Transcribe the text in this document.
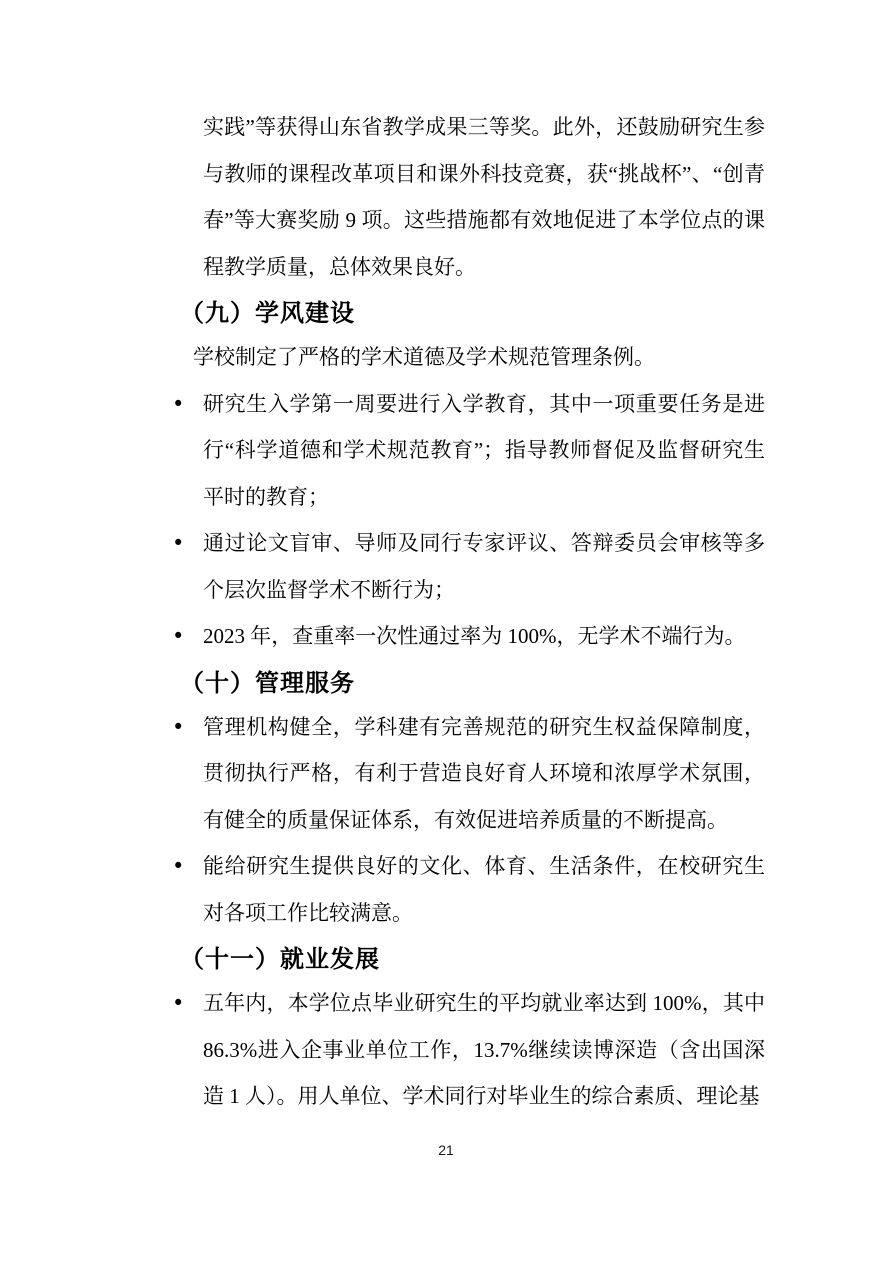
实践”等获得山东省教学成果三等奖。此外，还鼓励研究生参与教师的课程改革项目和课外科技竞赛，获“挑战杯”、“创青春”等大赛奖励 9 项。这些措施都有效地促进了本学位点的课程教学质量，总体效果良好。

（九）学风建设

学校制定了严格的学术道德及学术规范管理条例。

• 研究生入学第一周要进行入学教育，其中一项重要任务是进行“科学道德和学术规范教育”；指导教师督促及监督研究生平时的教育；
• 通过论文盲审、导师及同行专家评议、答辩委员会审核等多个层次监督学术不断行为；
• 2023 年，查重率一次性通过率为 100%，无学术不端行为。
（十）管理服务
• 管理机构健全，学科建有完善规范的研究生权益保障制度，贯彻执行严格，有利于营造良好育人环境和浓厚学术氛围，有健全的质量保证体系，有效促进培养质量的不断提高。
• 能给研究生提供良好的文化、体育、生活条件，在校研究生对各项工作比较满意。
（十一）就业发展
• 五年内，本学位点毕业研究生的平均就业率达到 100%，其中86.3%进入企事业单位工作，13.7%继续读博深造（含出国深造 1 人）。用人单位、学术同行对毕业生的综合素质、理论基
21
